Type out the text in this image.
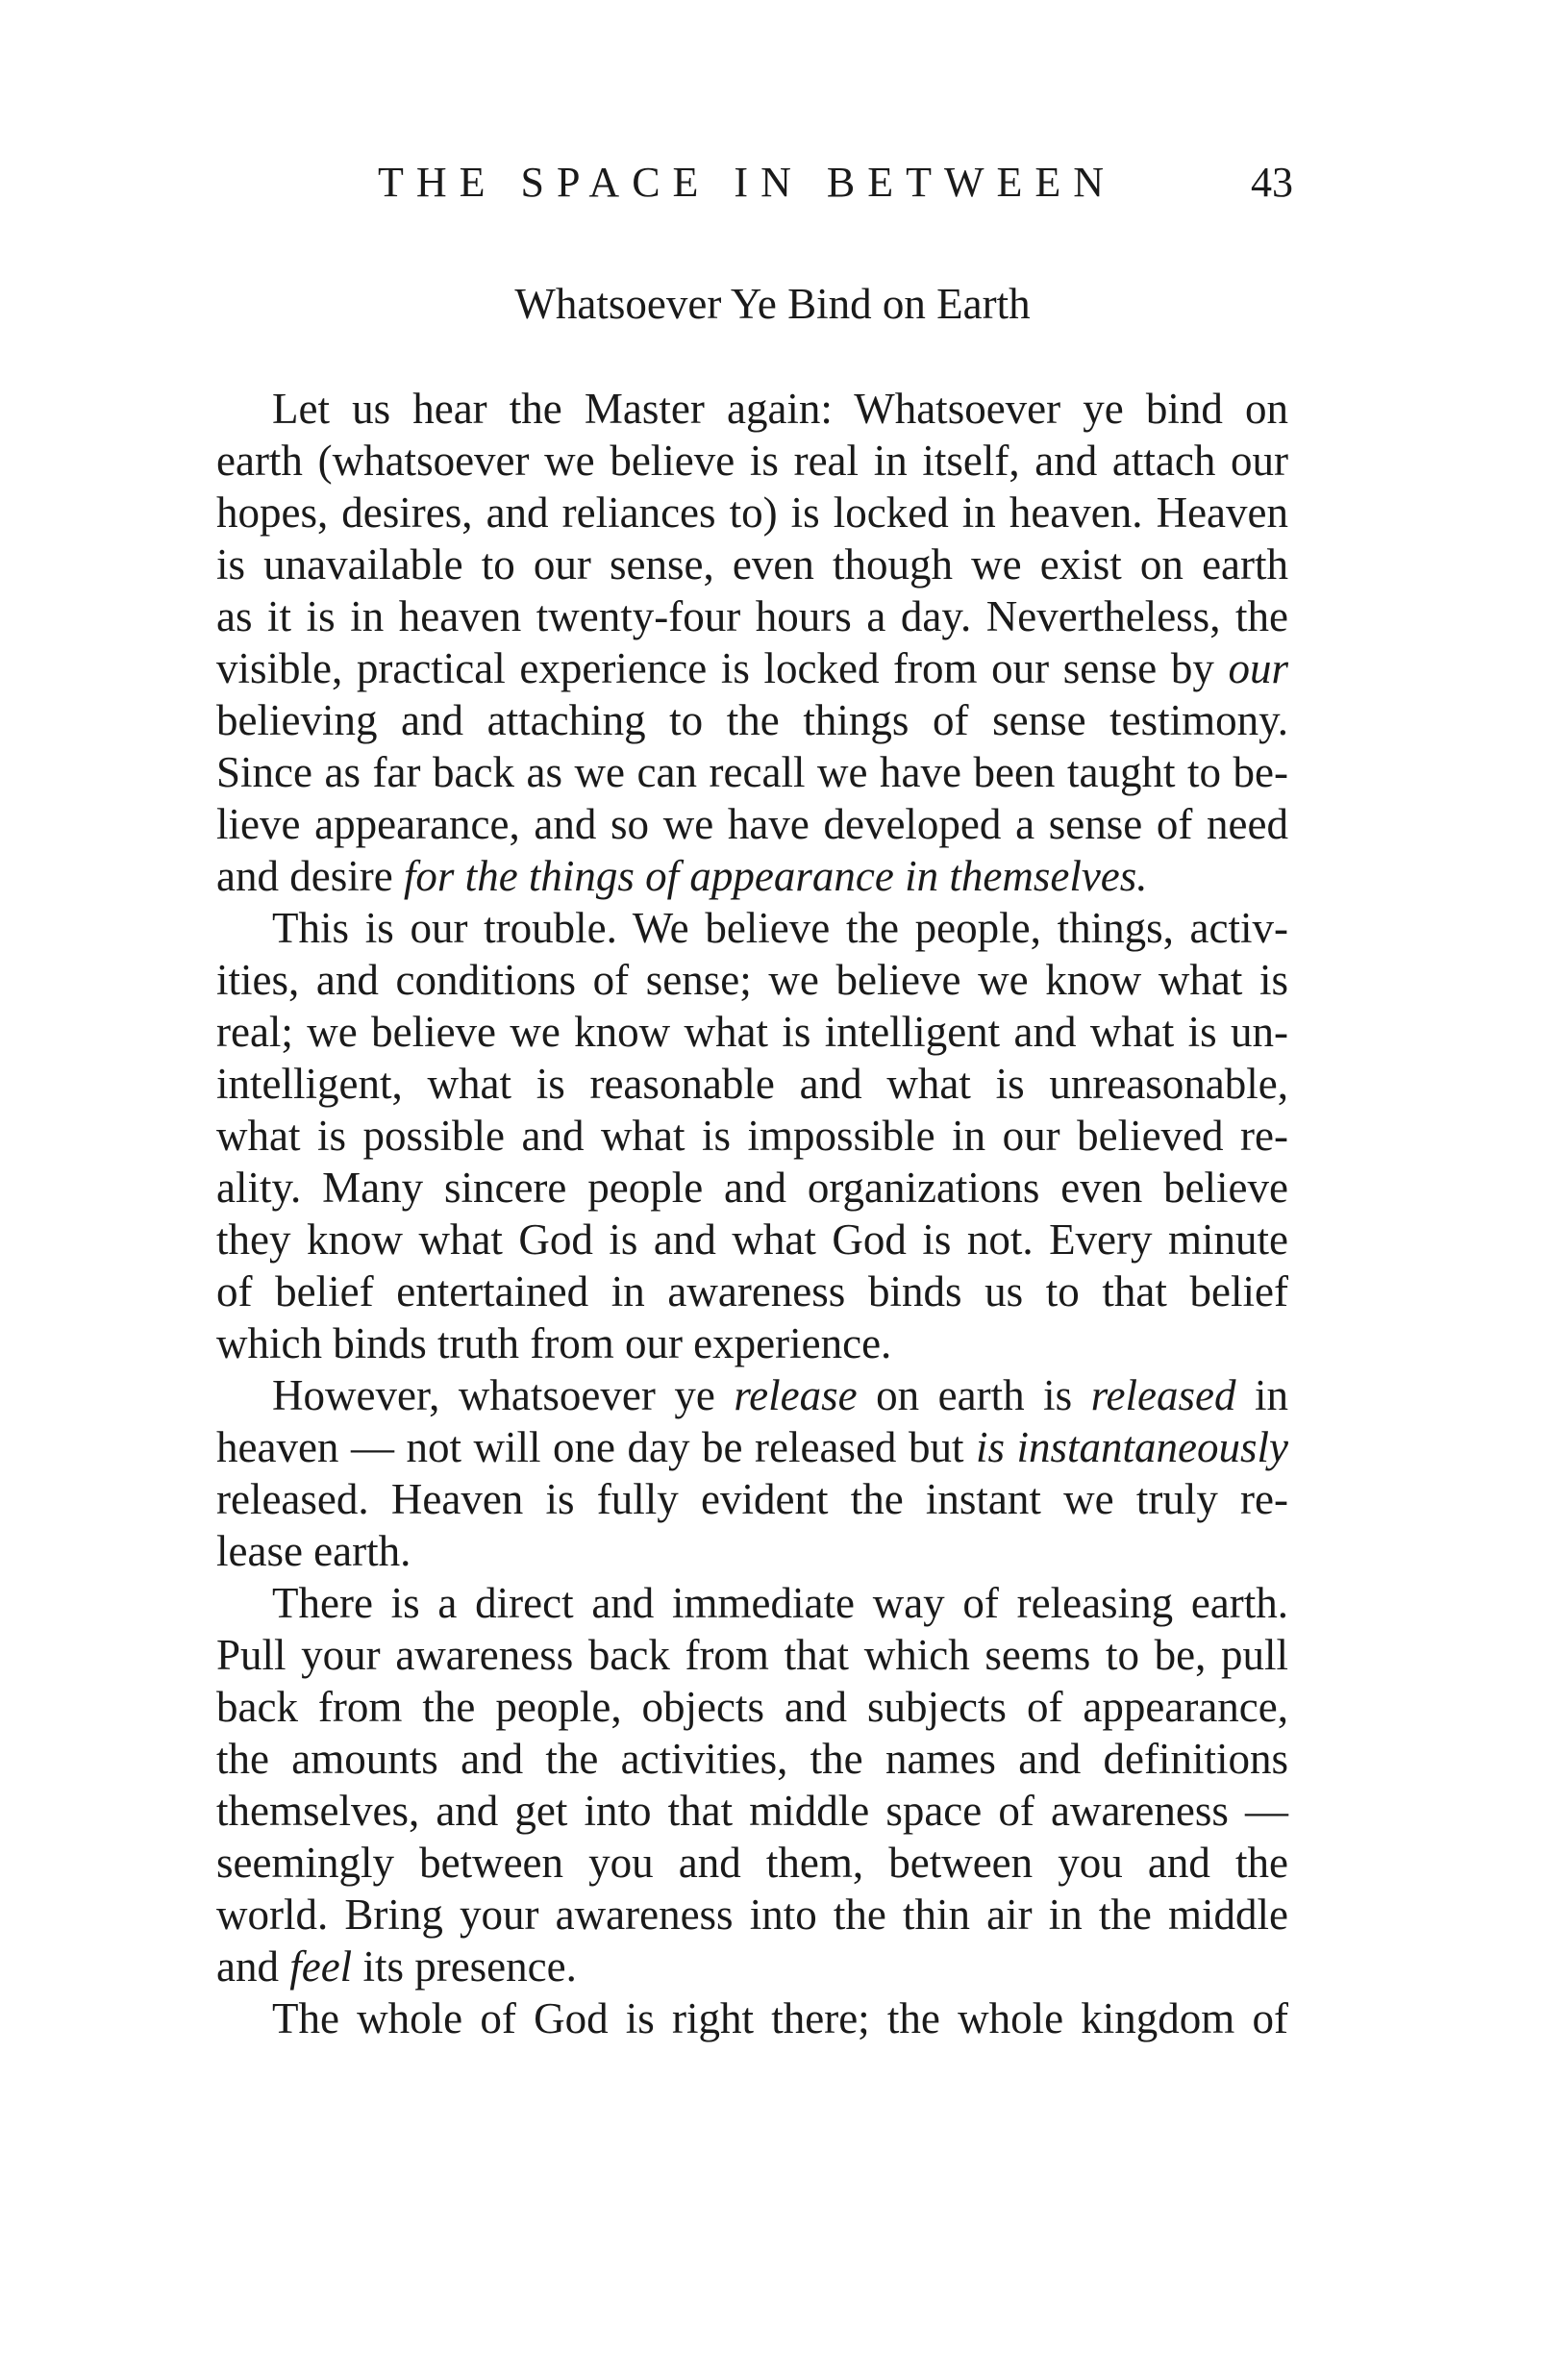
THE SPACE IN BETWEEN	43
Whatsoever Ye Bind on Earth

Let us hear the Master again: Whatsoever ye bind on
earth (whatsoever we believe is real in itself, and attach our
hopes, desires, and reliances to) is locked in heaven. Heaven
is unavailable to our sense, even though we exist on earth
as it is in heaven twenty-four hours a day. Nevertheless, the
visible, practical experience is locked from our sense by our
believing and attaching to the things of sense testimony.
Since as far back as we can recall we have been taught to be-
lieve appearance, and so we have developed a sense of need
and desire for the things of appearance in themselves.

This is our trouble. We believe the people, things, activ-
ities, and conditions of sense; we believe we know what is
real; we believe we know what is intelligent and what is un-
intelligent, what is reasonable and what is unreasonable,
what is possible and what is impossible in our believed re-
ality. Many sincere people and organizations even believe
they know what God is and what God is not. Every minute
of belief entertained in awareness binds us to that belief
which binds truth from our experience.

However, whatsoever ye release on earth is released in
heaven — not will one day be released but is instantaneously
released. Heaven is fully evident the instant we truly re-
lease earth.

There is a direct and immediate way of releasing earth.
Pull your awareness back from that which seems to be, pull
back from the people, objects and subjects of appearance,
the amounts and the activities, the names and definitions
themselves, and get into that middle space of awareness —
seemingly between you and them, between you and the
world. Bring your awareness into the thin air in the middle
and feel its presence.

The whole of God is right there; the whole kingdom of
